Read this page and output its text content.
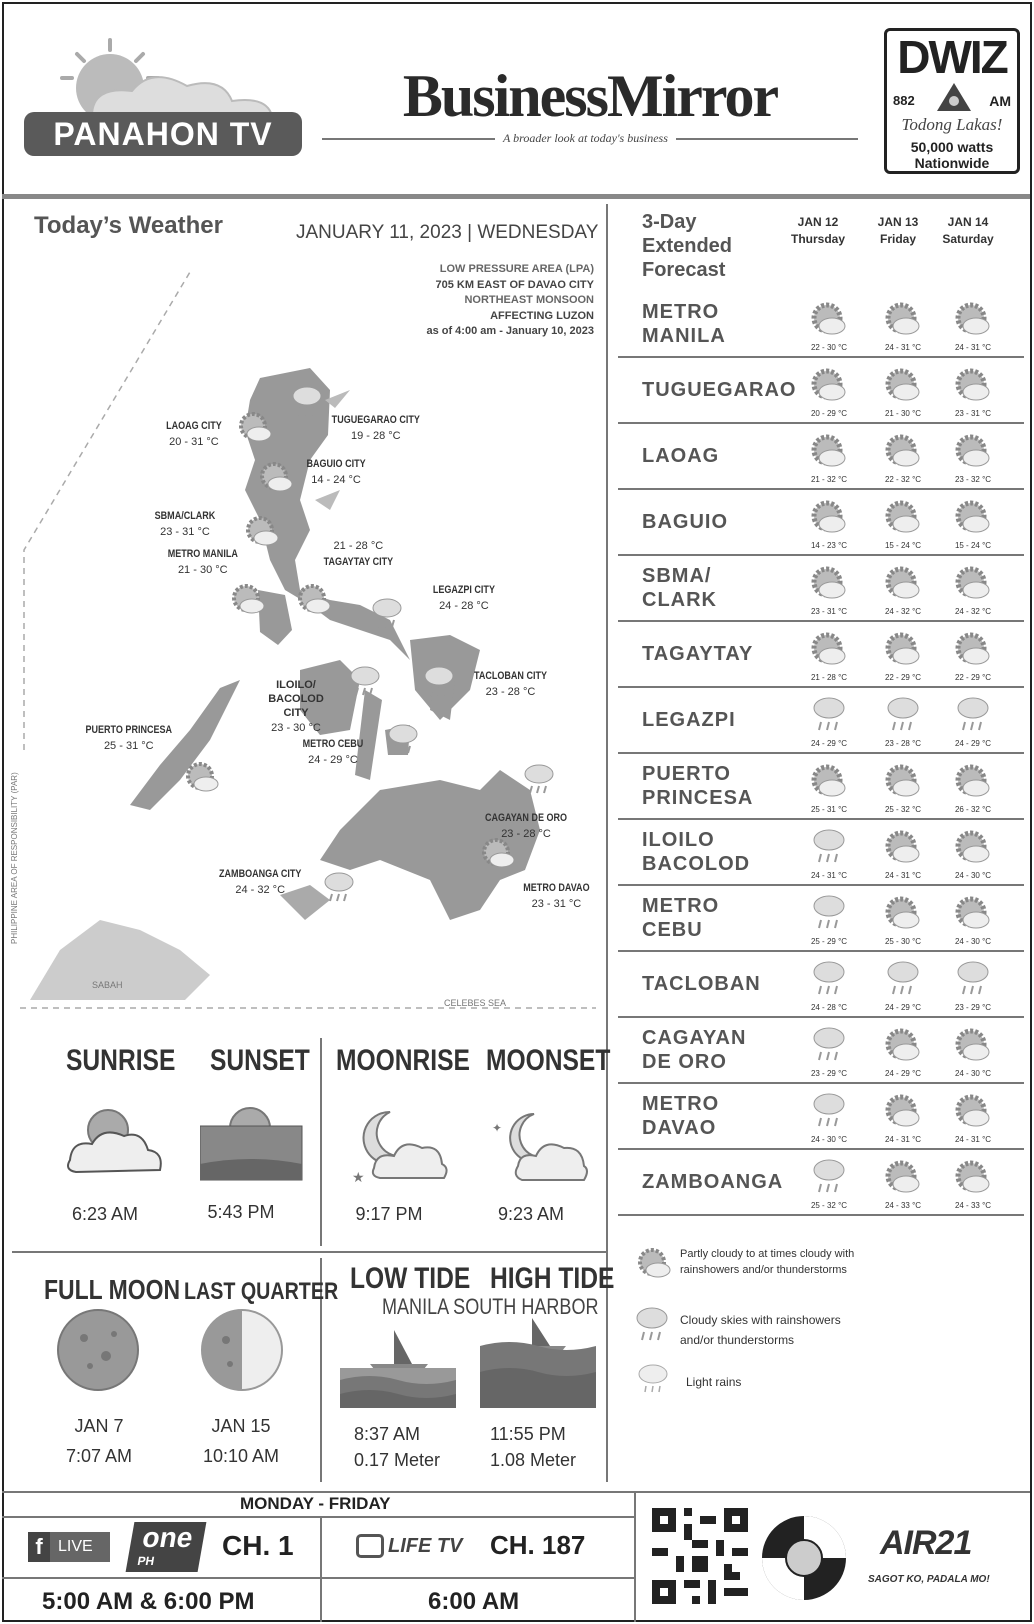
PANAHON TV
BusinessMirror
A broader look at today's business
DWIZ
882	AM
Todong Lakas!
50,000 watts
Nationwide
Today’s Weather	JANUARY 11, 2023 | WEDNESDAY
LOW PRESSURE AREA (LPA)
705 KM EAST OF DAVAO CITY
NORTHEAST MONSOON
AFFECTING LUZON
as of 4:00 am - January 10, 2023
LAOAG CITY
20 - 31 °C
TUGUEGARAO CITY
19 - 28 °C
BAGUIO CITY
14 - 24 °C
SBMA/CLARK
23 - 31 °C
METRO MANILA
21 - 30 °C
21 - 28 °C
TAGAYTAY CITY
LEGAZPI CITY
24 - 28 °C
TACLOBAN CITY
23 - 28 °C
ILOILO/ BACOLOD CITY
23 - 30 °C
PUERTO PRINCESA
25 - 31 °C	METRO CEBU
24 - 29 °C
CAGAYAN DE ORO
23 - 28 °C
ZAMBOANGA CITY
24 - 32 °C	METRO DAVAO
23 - 31 °C
SABAH
CELEBES SEA
PHILIPPINE AREA OF RESPONSIBILITY (PAR)
SUNRISE SUNSET MOONRISE MOONSET
★
✦
6:23 AM	5:43 PM	9:17 PM	9:23 AM
FULL MOON LAST QUARTER
JAN 7
7:07 AM
JAN 15
10:10 AM
LOW TIDE HIGH TIDE
MANILA SOUTH HARBOR
8:37 AM
0.17 Meter
11:55 PM
1.08 Meter
3-Day
Extended
Forecast
JAN 12
Thursday
JAN 13
Friday
JAN 14
Saturday
METRO
MANILA
22 - 30 °C	24 - 31 °C	24 - 31 °C
TUGUEGARAO
20 - 29 °C	21 - 30 °C	23 - 31 °C
LAOAG
21 - 32 °C	22 - 32 °C	23 - 32 °C
BAGUIO
14 - 23 °C	15 - 24 °C	15 - 24 °C
SBMA/
CLARK
23 - 31 °C	24 - 32 °C	24 - 32 °C
TAGAYTAY
21 - 28 °C	22 - 29 °C	22 - 29 °C
LEGAZPI
24 - 29 °C	23 - 28 °C	24 - 29 °C
PUERTO
PRINCESA
25 - 31 °C	25 - 32 °C	26 - 32 °C
ILOILO
BACOLOD
24 - 31 °C	24 - 31 °C	24 - 30 °C
METRO
CEBU
25 - 29 °C	25 - 30 °C	24 - 30 °C
TACLOBAN
24 - 28 °C	24 - 29 °C	23 - 29 °C
CAGAYAN
DE ORO
23 - 29 °C	24 - 29 °C	24 - 30 °C
METRO
DAVAO
24 - 30 °C	24 - 31 °C	24 - 31 °C
ZAMBOANGA
25 - 32 °C	24 - 33 °C	24 - 33 °C
Partly cloudy to at times cloudy with
rainshowers and/or thunderstorms
Cloudy skies with rainshowers
and/or thunderstorms
Light rains
MONDAY - FRIDAY
f LIVE	one
PH	CH. 1
5:00 AM & 6:00 PM
LIFE TV CH. 187
6:00 AM
AIR21
SAGOT KO, PADALA MO!
